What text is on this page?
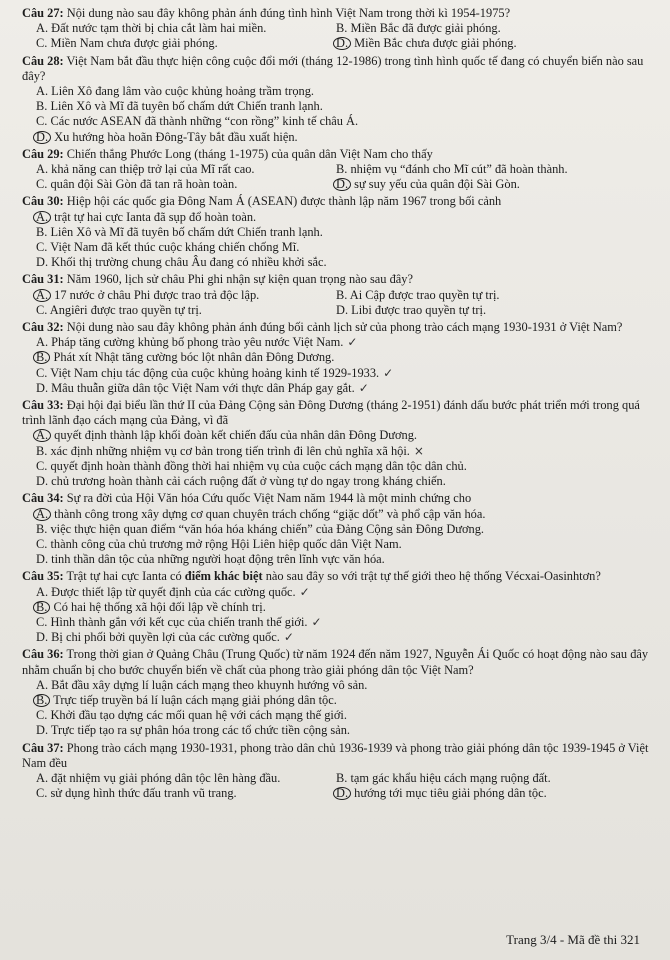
Câu 27: Nội dung nào sau đây không phản ánh đúng tình hình Việt Nam trong thời kì 1954-1975?

A. Đất nước tạm thời bị chia cắt làm hai miền.	B. Miền Bắc đã được giải phóng.
C. Miền Nam chưa được giải phóng.	D. Miền Bắc chưa được giải phóng.

Câu 28: Việt Nam bắt đầu thực hiện công cuộc đổi mới (tháng 12-1986) trong tình hình quốc tế đang có chuyển biến nào sau đây?

A. Liên Xô đang lâm vào cuộc khủng hoảng trầm trọng.

B. Liên Xô và Mĩ đã tuyên bố chấm dứt Chiến tranh lạnh.

C. Các nước ASEAN đã thành những “con rồng” kinh tế châu Á.

D. Xu hướng hòa hoãn Đông-Tây bắt đầu xuất hiện.

Câu 29: Chiến thắng Phước Long (tháng 1-1975) của quân dân Việt Nam cho thấy

A. khả năng can thiệp trở lại của Mĩ rất cao.	B. nhiệm vụ “đánh cho Mĩ cút” đã hoàn thành.
C. quân đội Sài Gòn đã tan rã hoàn toàn.	D. sự suy yếu của quân đội Sài Gòn.

Câu 30: Hiệp hội các quốc gia Đông Nam Á (ASEAN) được thành lập năm 1967 trong bối cảnh

A. trật tự hai cực Ianta đã sụp đổ hoàn toàn.

B. Liên Xô và Mĩ đã tuyên bố chấm dứt Chiến tranh lạnh.

C. Việt Nam đã kết thúc cuộc kháng chiến chống Mĩ.

D. Khối thị trường chung châu Âu đang có nhiều khởi sắc.

Câu 31: Năm 1960, lịch sử châu Phi ghi nhận sự kiện quan trọng nào sau đây?

A. 17 nước ở châu Phi được trao trả độc lập.	B. Ai Cập được trao quyền tự trị.
C. Angiêri được trao quyền tự trị.	D. Libi được trao quyền tự trị.

Câu 32: Nội dung nào sau đây không phản ánh đúng bối cảnh lịch sử của phong trào cách mạng 1930-1931 ở Việt Nam?

A. Pháp tăng cường khủng bố phong trào yêu nước Việt Nam. ✓

B. Phát xít Nhật tăng cường bóc lột nhân dân Đông Dương.

C. Việt Nam chịu tác động của cuộc khủng hoảng kinh tế 1929-1933. ✓

D. Mâu thuẫn giữa dân tộc Việt Nam với thực dân Pháp gay gắt. ✓

Câu 33: Đại hội đại biểu lần thứ II của Đảng Cộng sản Đông Dương (tháng 2-1951) đánh dấu bước phát triển mới trong quá trình lãnh đạo cách mạng của Đảng, vì đã

A. quyết định thành lập khối đoàn kết chiến đấu của nhân dân Đông Dương.

B. xác định những nhiệm vụ cơ bản trong tiến trình đi lên chủ nghĩa xã hội. ×

C. quyết định hoàn thành đồng thời hai nhiệm vụ của cuộc cách mạng dân tộc dân chủ.

D. chủ trương hoàn thành cải cách ruộng đất ở vùng tự do ngay trong kháng chiến.

Câu 34: Sự ra đời của Hội Văn hóa Cứu quốc Việt Nam năm 1944 là một minh chứng cho

A. thành công trong xây dựng cơ quan chuyên trách chống “giặc dốt” và phổ cập văn hóa.

B. việc thực hiện quan điểm “văn hóa hóa kháng chiến” của Đảng Cộng sản Đông Dương.

C. thành công của chủ trương mở rộng Hội Liên hiệp quốc dân Việt Nam.

D. tinh thần dân tộc của những người hoạt động trên lĩnh vực văn hóa.

Câu 35: Trật tự hai cực Ianta có điểm khác biệt nào sau đây so với trật tự thế giới theo hệ thống Vécxai-Oasinhtơn?

A. Được thiết lập từ quyết định của các cường quốc. ✓

B. Có hai hệ thống xã hội đối lập về chính trị.

C. Hình thành gắn với kết cục của chiến tranh thế giới. ✓

D. Bị chi phối bởi quyền lợi của các cường quốc. ✓

Câu 36: Trong thời gian ở Quảng Châu (Trung Quốc) từ năm 1924 đến năm 1927, Nguyễn Ái Quốc có hoạt động nào sau đây nhằm chuẩn bị cho bước chuyển biến về chất của phong trào giải phóng dân tộc Việt Nam?

A. Bắt đầu xây dựng lí luận cách mạng theo khuynh hướng vô sản.

B. Trực tiếp truyền bá lí luận cách mạng giải phóng dân tộc.

C. Khởi đầu tạo dựng các mối quan hệ với cách mạng thế giới.

D. Trực tiếp tạo ra sự phân hóa trong các tổ chức tiền cộng sản.

Câu 37: Phong trào cách mạng 1930-1931, phong trào dân chủ 1936-1939 và phong trào giải phóng dân tộc 1939-1945 ở Việt Nam đều

A. đặt nhiệm vụ giải phóng dân tộc lên hàng đầu.	B. tạm gác khẩu hiệu cách mạng ruộng đất.
C. sử dụng hình thức đấu tranh vũ trang.	D. hướng tới mục tiêu giải phóng dân tộc.
Trang 3/4 - Mã đề thi 321
